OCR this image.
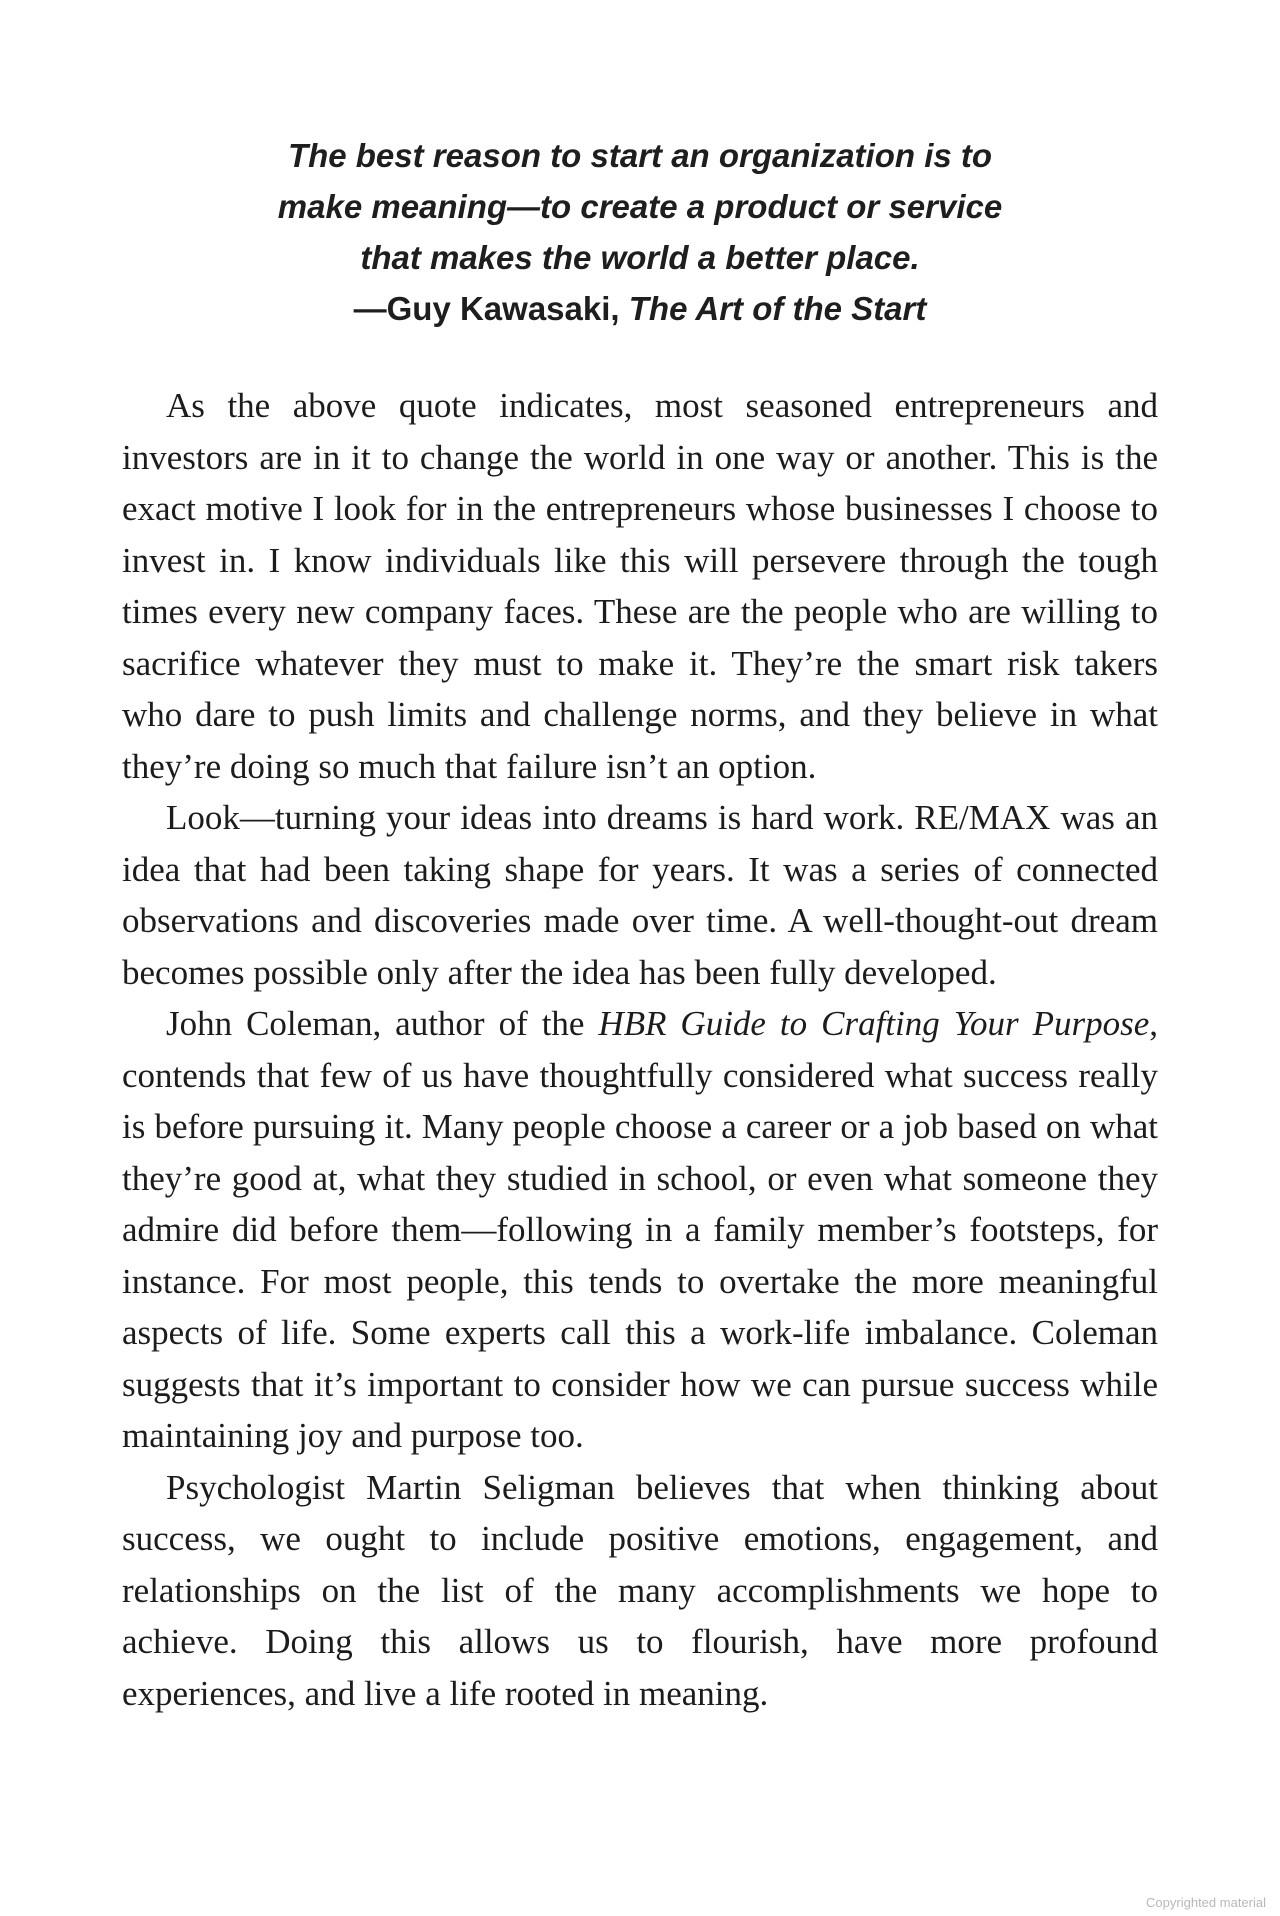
The best reason to start an organization is to
make meaning—to create a product or service
that makes the world a better place.
—Guy Kawasaki, The Art of the Start

As the above quote indicates, most seasoned entrepreneurs and investors are in it to change the world in one way or another. This is the exact motive I look for in the entrepreneurs whose businesses I choose to invest in. I know individuals like this will persevere through the tough times every new company faces. These are the people who are willing to sacrifice whatever they must to make it. They’re the smart risk takers who dare to push limits and challenge norms, and they believe in what they’re doing so much that failure isn’t an option.

Look—turning your ideas into dreams is hard work. RE/MAX was an idea that had been taking shape for years. It was a series of connected observations and discoveries made over time. A well-thought-out dream becomes possible only after the idea has been fully developed.

John Coleman, author of the HBR Guide to Crafting Your Purpose, contends that few of us have thoughtfully considered what success really is before pursuing it. Many people choose a career or a job based on what they’re good at, what they studied in school, or even what someone they admire did before them—following in a family member’s footsteps, for instance. For most people, this tends to overtake the more meaningful aspects of life. Some experts call this a work-life imbalance. Coleman suggests that it’s important to consider how we can pursue success while maintaining joy and purpose too.

Psychologist Martin Seligman believes that when thinking about success, we ought to include positive emotions, engagement, and relationships on the list of the many accomplishments we hope to achieve. Doing this allows us to flourish, have more profound experiences, and live a life rooted in meaning.

Copyrighted material
